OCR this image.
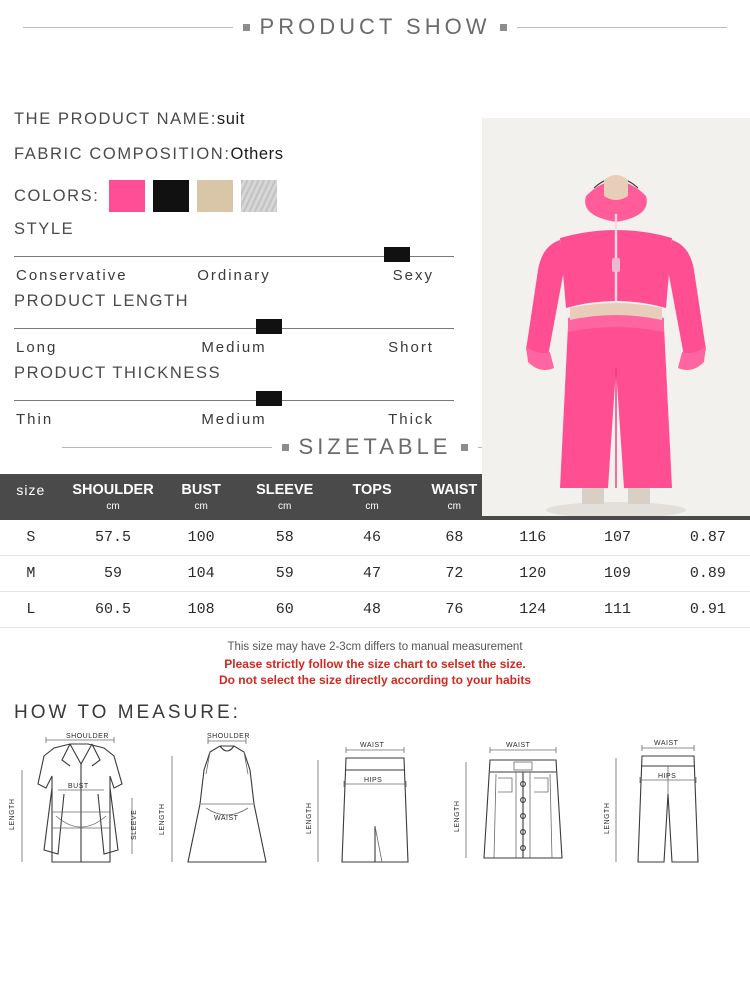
PRODUCT SHOW
THE PRODUCT NAME:suit
FABRIC COMPOSITION:Others
COLORS:
STYLE
Conservative	Ordinary	Sexy
PRODUCT LENGTH
Long	Medium	Short
PRODUCT THICKNESS
Thin	Medium	Thick
SIZETABLE
size	SHOULDER	BUST	SLEEVE	TOPS	WAIST			
	cm	cm	cm	cm	cm			
S	57.5	100	58	46	68	116	107	0.87
M	59	104	59	47	72	120	109	0.89
L	60.5	108	60	48	76	124	111	0.91
This size may have 2-3cm differs to manual measurement
Please strictly follow the size chart to selset the size.
Do not select the size directly according to your habits
HOW TO MEASURE:
SHOULDER
BUST
LENGTH	SLEEVE
SHOULDER
WAIST
LENGTH
WAIST
HIPS
LENGTH
WAIST
LENGTH
WAIST
HIPS
LENGTH
